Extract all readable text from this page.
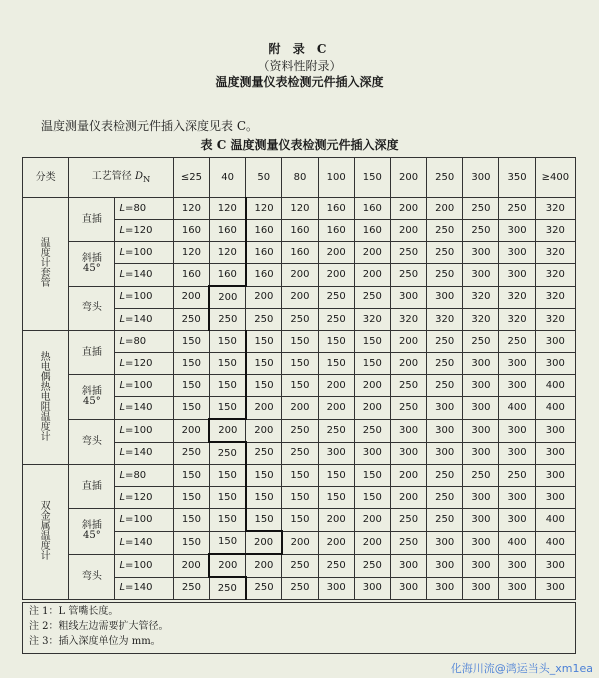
附 录 C
（资料性附录）
温度测量仪表检测元件插入深度
温度测量仪表检测元件插入深度见表 C。
表 C 温度测量仪表检测元件插入深度
分类	工艺管径 $D_N$		≤25	40	50	80	100	150	200	250	300	350	≥400
温度计套管	直插	L=80	120	120	120	120	160	160	200	200	250	250	320
		L=120	160	160	160	160	160	160	200	250	250	300	320
	斜插45°	L=100	120	120	160	160	200	200	250	250	300	300	320
		L=140	160	160	160	200	200	200	250	250	300	300	320
	弯头	L=100	200	200	200	200	250	250	300	300	320	320	320
		L=140	250	250	250	250	250	320	320	320	320	320	320
热电偶热电阻温度计	直插	L=80	150	150	150	150	150	150	200	250	250	250	300
		L=120	150	150	150	150	150	150	200	250	300	300	300
	斜插45°	L=100	150	150	150	150	200	200	250	250	300	300	400
		L=140	150	150	200	200	200	200	250	300	300	400	400
	弯头	L=100	200	200	200	250	250	250	300	300	300	300	300
		L=140	250	250	250	250	300	300	300	300	300	300	300
双金属温度计	直插	L=80	150	150	150	150	150	150	200	250	250	250	300
		L=120	150	150	150	150	150	150	200	250	300	300	300
	斜插45°	L=100	150	150	150	150	200	200	250	250	300	300	400
		L=140	150	150	200	200	200	200	250	300	300	400	400
	弯头	L=100	200	200	200	250	250	250	300	300	300	300	300
		L=140	250	250	250	250	300	300	300	300	300	300	300
注 1：L 管嘴长度。
注 2：粗线左边需要扩大管径。
注 3：插入深度单位为 mm。
化海川流@鸿运当头_xm1ea
